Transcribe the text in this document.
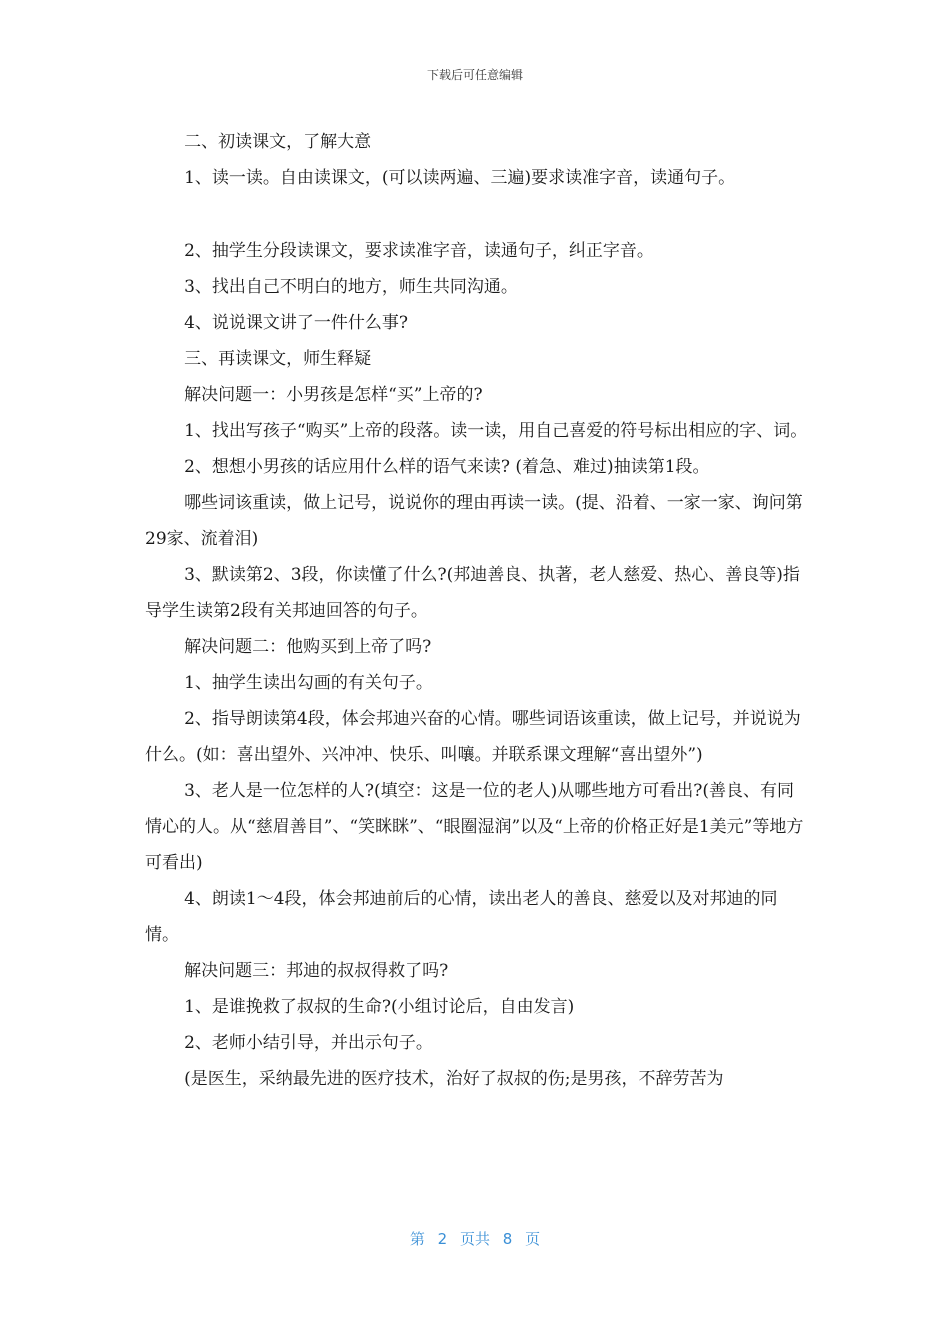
下载后可任意编辑

二、初读课文，了解大意

1、读一读。自由读课文，(可以读两遍、三遍)要求读准字音，读通句子。

2、抽学生分段读课文，要求读准字音，读通句子，纠正字音。

3、找出自己不明白的地方，师生共同沟通。

4、说说课文讲了一件什么事?

三、再读课文，师生释疑

解决问题一：小男孩是怎样“买”上帝的?

1、找出写孩子“购买”上帝的段落。读一读，用自己喜爱的符号标出相应的字、词。

2、想想小男孩的话应用什么样的语气来读? (着急、难过)抽读第1段。

哪些词该重读，做上记号，说说你的理由再读一读。(提、沿着、一家一家、询问第29家、流着泪)

3、默读第2、3段，你读懂了什么?(邦迪善良、执著，老人慈爱、热心、善良等)指导学生读第2段有关邦迪回答的句子。

解决问题二：他购买到上帝了吗?

1、抽学生读出勾画的有关句子。

2、指导朗读第4段，体会邦迪兴奋的心情。哪些词语该重读，做上记号，并说说为什么。(如：喜出望外、兴冲冲、快乐、叫嚷。并联系课文理解“喜出望外”)

3、老人是一位怎样的人?(填空：这是一位的老人)从哪些地方可看出?(善良、有同情心的人。从“慈眉善目”、“笑眯眯”、“眼圈湿润”以及“上帝的价格正好是1美元”等地方可看出)

4、朗读1～4段，体会邦迪前后的心情，读出老人的善良、慈爱以及对邦迪的同情。

解决问题三：邦迪的叔叔得救了吗?

1、是谁挽救了叔叔的生命?(小组讨论后，自由发言)

2、老师小结引导，并出示句子。

(是医生，采纳最先进的医疗技术，治好了叔叔的伤;是男孩，不辞劳苦为

第 2 页共 8 页
